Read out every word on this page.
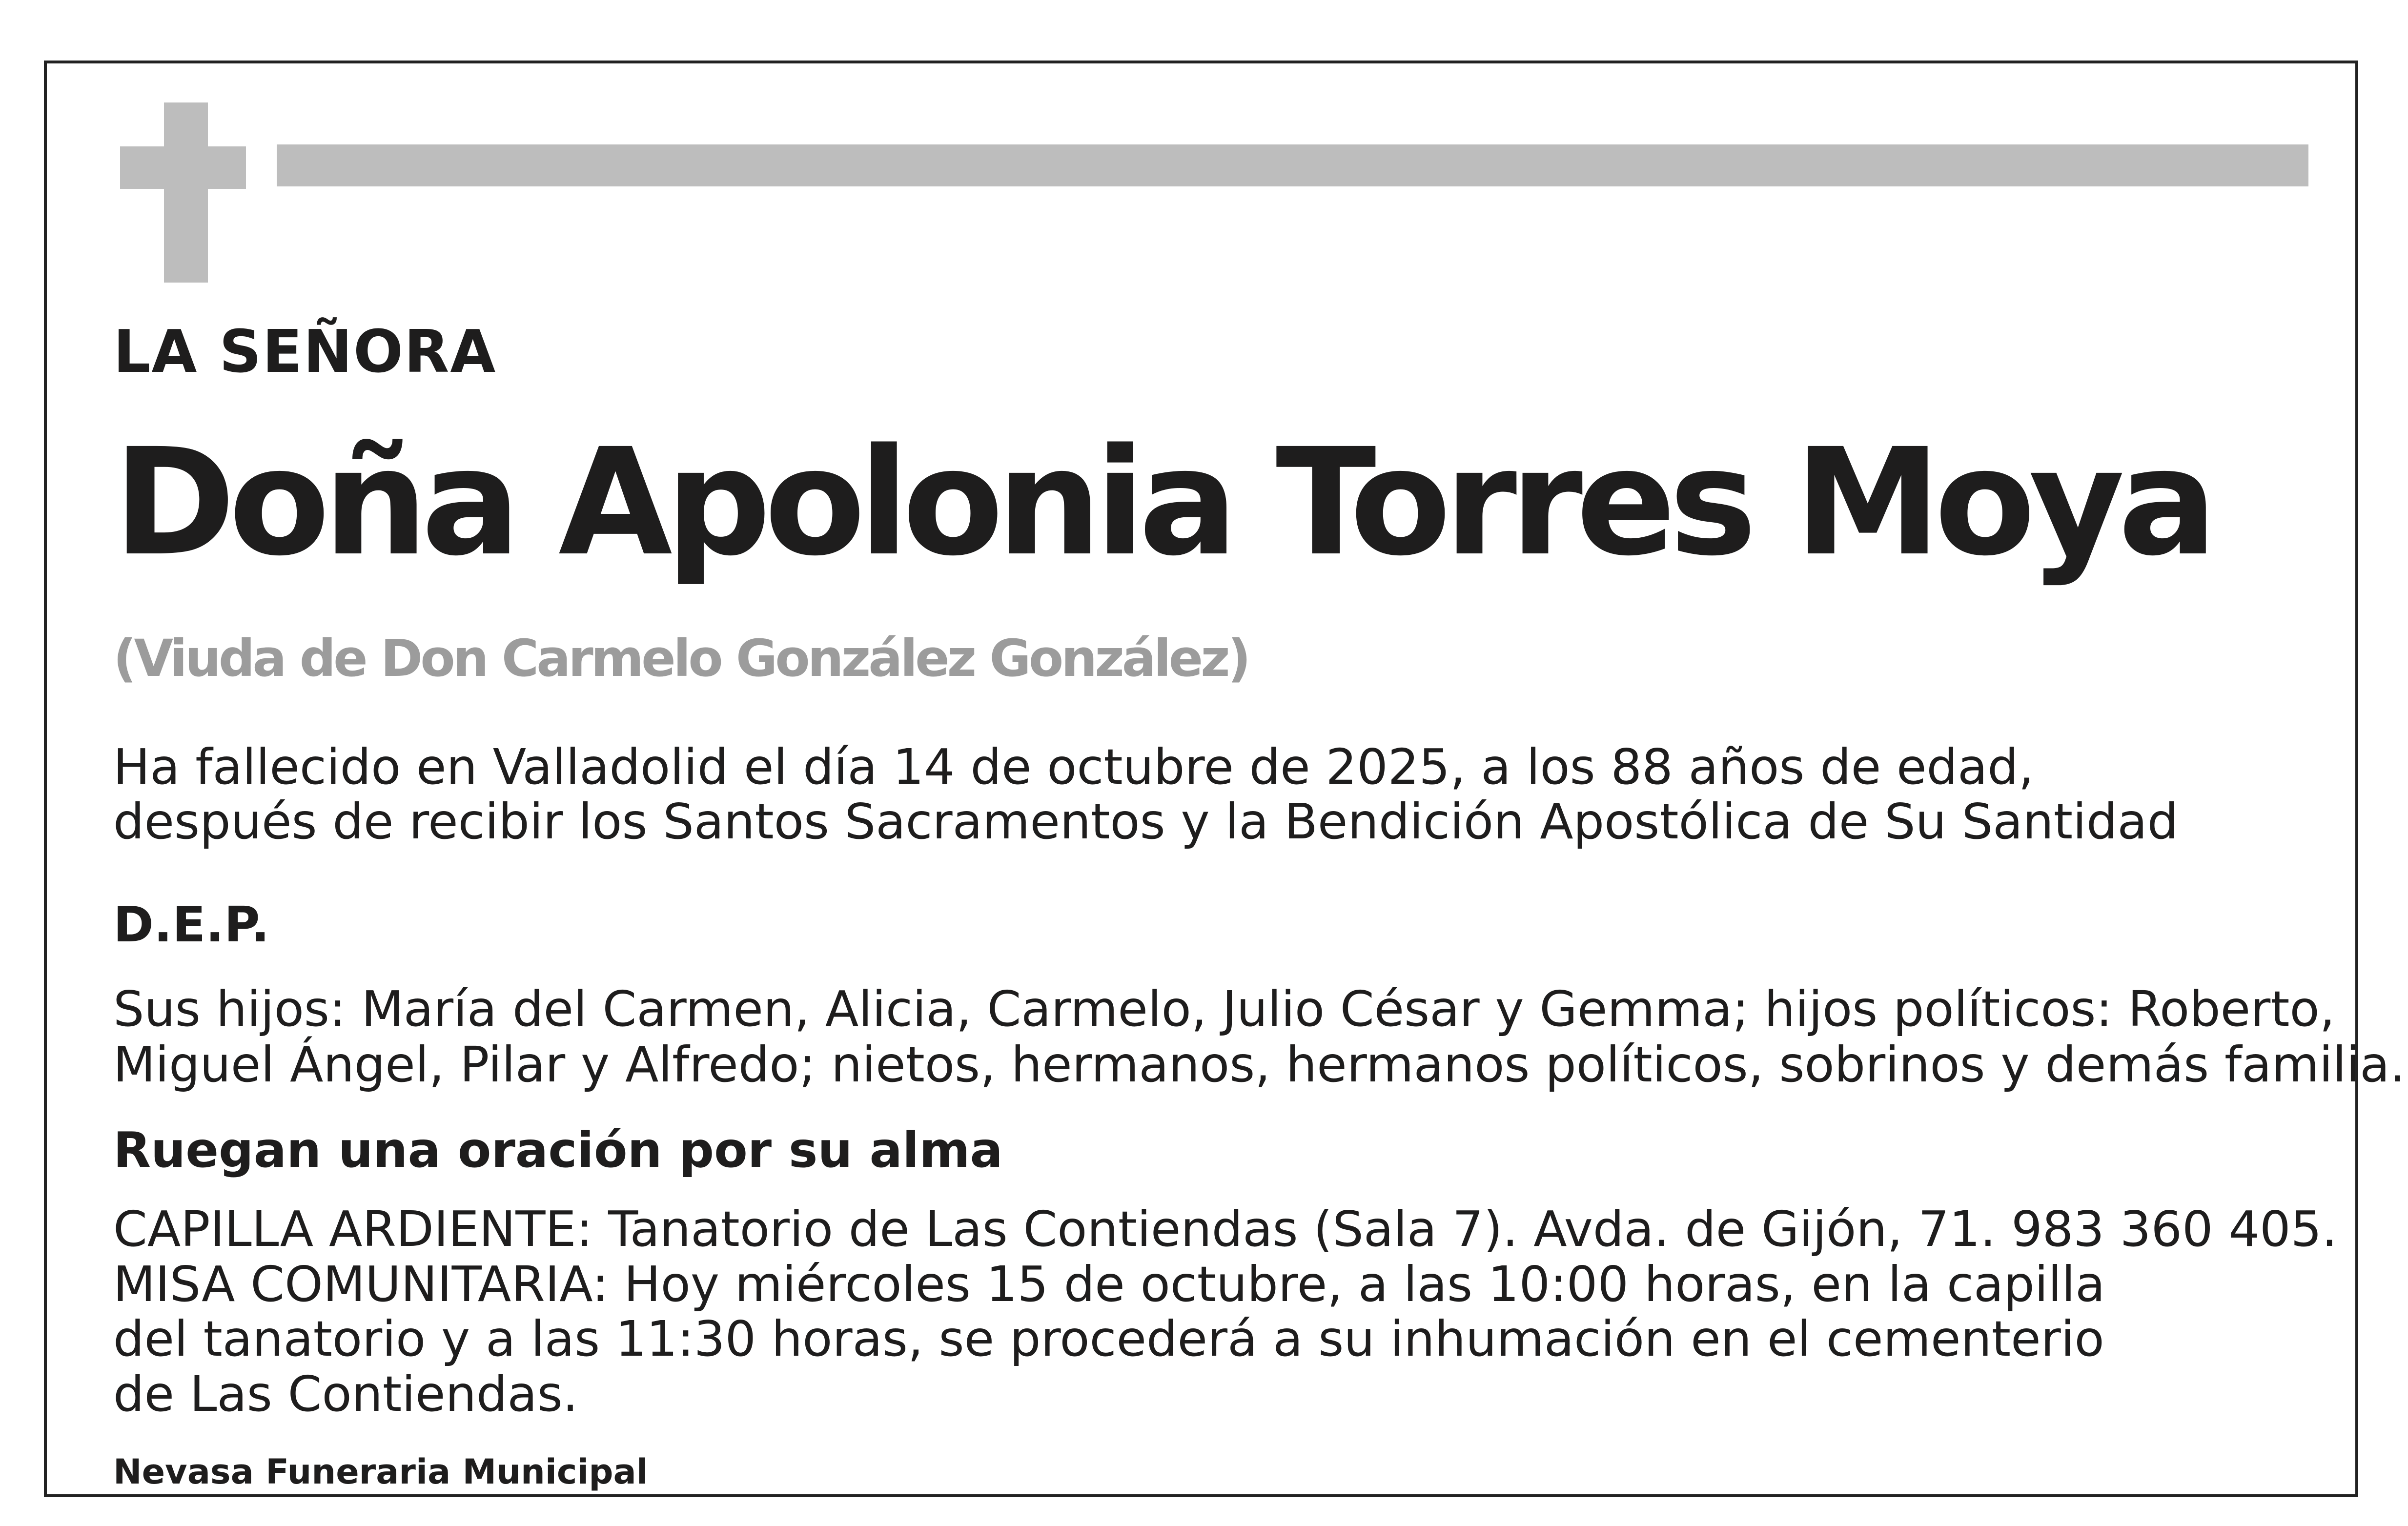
LA SEÑORA

Doña Apolonia Torres Moya

(Viuda de Don Carmelo González González)

Ha fallecido en Valladolid el día 14 de octubre de 2025, a los 88 años de edad,

después de recibir los Santos Sacramentos y la Bendición Apostólica de Su Santidad

D.E.P.

Sus hijos: María del Carmen, Alicia, Carmelo, Julio César y Gemma; hijos políticos: Roberto,

Miguel Ángel, Pilar y Alfredo; nietos, hermanos, hermanos políticos, sobrinos y demás familia.

Ruegan una oración por su alma

CAPILLA ARDIENTE: Tanatorio de Las Contiendas (Sala 7). Avda. de Gijón, 71. 983 360 405.

MISA COMUNITARIA: Hoy miércoles 15 de octubre, a las 10:00 horas, en la capilla

del tanatorio y a las 11:30 horas, se procederá a su inhumación en el cementerio

de Las Contiendas.

Nevasa Funeraria Municipal
